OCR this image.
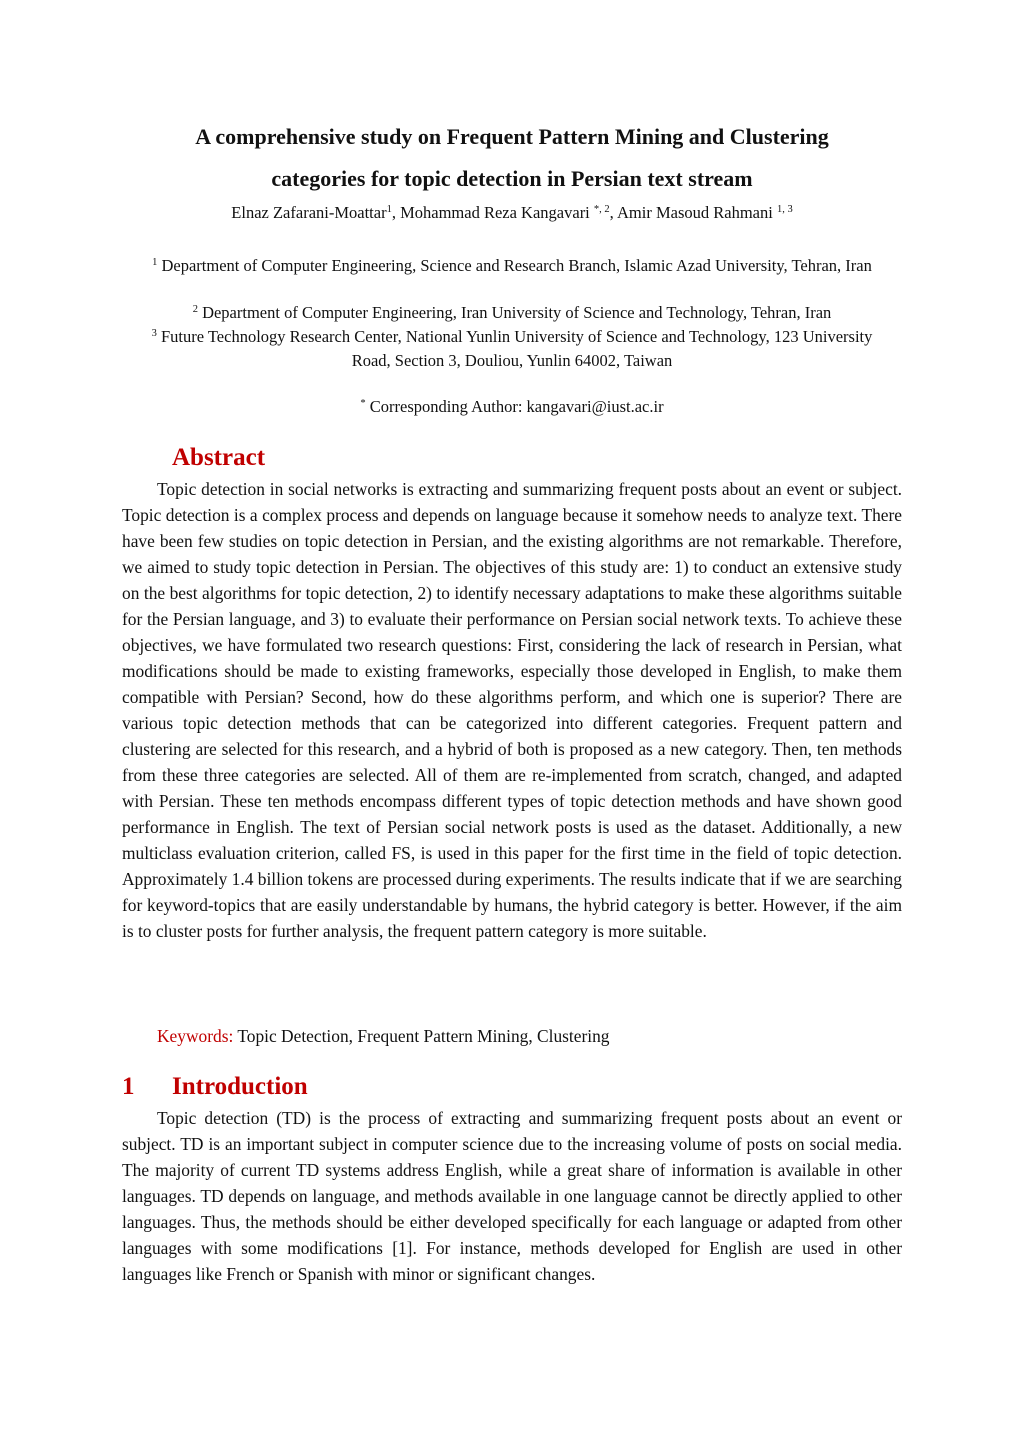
A comprehensive study on Frequent Pattern Mining and Clustering
categories for topic detection in Persian text stream
Elnaz Zafarani-Moattar$^1$, Mohammad Reza Kangavari $^{*, 2}$, Amir Masoud Rahmani $^{1, 3}$
$^1$ Department of Computer Engineering, Science and Research Branch, Islamic Azad University, Tehran, Iran
$^2$ Department of Computer Engineering, Iran University of Science and Technology, Tehran, Iran
$^3$ Future Technology Research Center, National Yunlin University of Science and Technology, 123 University Road, Section 3, Douliou, Yunlin 64002, Taiwan
* Corresponding Author: kangavari@iust.ac.ir
Abstract

Topic detection in social networks is extracting and summarizing frequent posts about an event or subject. Topic detection is a complex process and depends on language because it somehow needs to analyze text. There have been few studies on topic detection in Persian, and the existing algorithms are not remarkable. Therefore, we aimed to study topic detection in Persian. The objectives of this study are: 1) to conduct an extensive study on the best algorithms for topic detection, 2) to identify necessary adaptations to make these algorithms suitable for the Persian language, and 3) to evaluate their performance on Persian social network texts. To achieve these objectives, we have formulated two research questions: First, considering the lack of research in Persian, what modifications should be made to existing frameworks, especially those developed in English, to make them compatible with Persian? Second, how do these algorithms perform, and which one is superior? There are various topic detection methods that can be categorized into different categories. Frequent pattern and clustering are selected for this research, and a hybrid of both is proposed as a new category. Then, ten methods from these three categories are selected. All of them are re-implemented from scratch, changed, and adapted with Persian. These ten methods encompass different types of topic detection methods and have shown good performance in English. The text of Persian social network posts is used as the dataset. Additionally, a new multiclass evaluation criterion, called FS, is used in this paper for the first time in the field of topic detection. Approximately 1.4 billion tokens are processed during experiments. The results indicate that if we are searching for keyword-topics that are easily understandable by humans, the hybrid category is better. However, if the aim is to cluster posts for further analysis, the frequent pattern category is more suitable.

Keywords: Topic Detection, Frequent Pattern Mining, Clustering
1 Introduction

Topic detection (TD) is the process of extracting and summarizing frequent posts about an event or subject. TD is an important subject in computer science due to the increasing volume of posts on social media. The majority of current TD systems address English, while a great share of information is available in other languages. TD depends on language, and methods available in one language cannot be directly applied to other languages. Thus, the methods should be either developed specifically for each language or adapted from other languages with some modifications [1]. For instance, methods developed for English are used in other languages like French or Spanish with minor or significant changes.
